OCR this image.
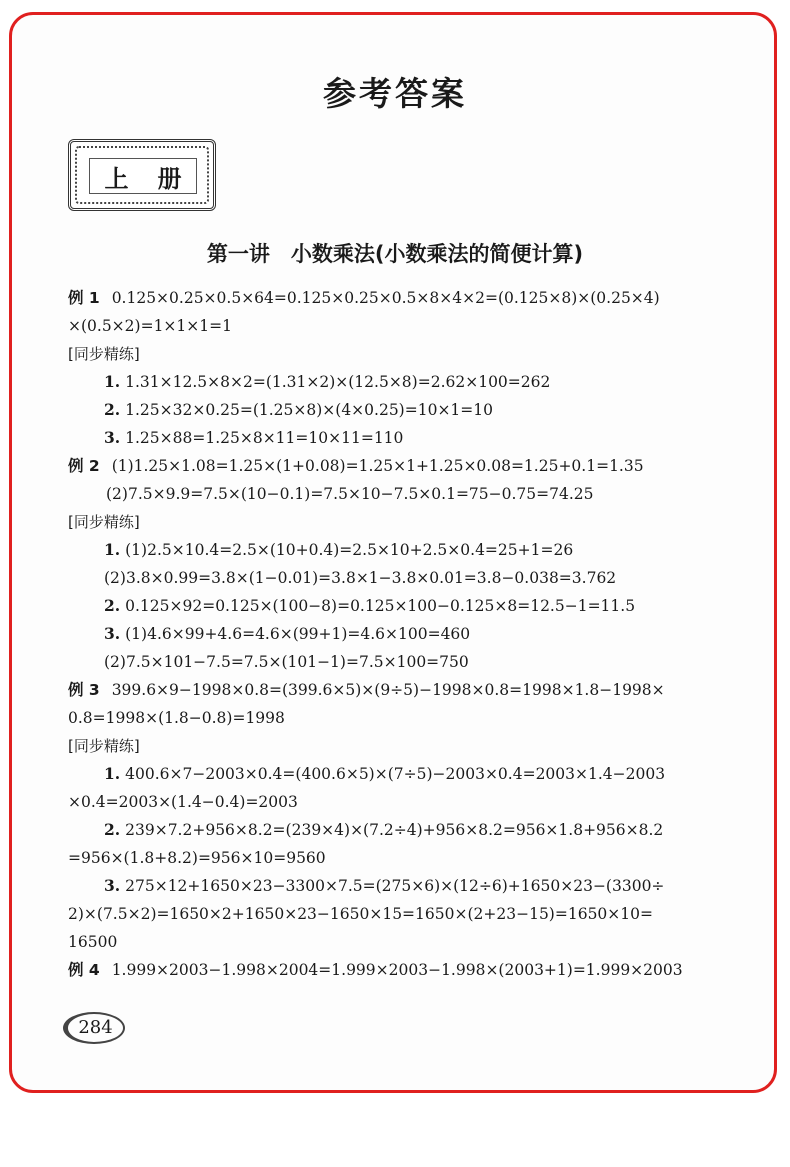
参考答案
上 册
第一讲　小数乘法(小数乘法的简便计算)
例 1 0.125×0.25×0.5×64=0.125×0.25×0.5×8×4×2=(0.125×8)×(0.25×4)
×(0.5×2)=1×1×1=1
[同步精练]
1. 1.31×12.5×8×2=(1.31×2)×(12.5×8)=2.62×100=262
2. 1.25×32×0.25=(1.25×8)×(4×0.25)=10×1=10
3. 1.25×88=1.25×8×11=10×11=110
例 2 (1)1.25×1.08=1.25×(1+0.08)=1.25×1+1.25×0.08=1.25+0.1=1.35
(2)7.5×9.9=7.5×(10−0.1)=7.5×10−7.5×0.1=75−0.75=74.25
[同步精练]
1. (1)2.5×10.4=2.5×(10+0.4)=2.5×10+2.5×0.4=25+1=26
(2)3.8×0.99=3.8×(1−0.01)=3.8×1−3.8×0.01=3.8−0.038=3.762
2. 0.125×92=0.125×(100−8)=0.125×100−0.125×8=12.5−1=11.5
3. (1)4.6×99+4.6=4.6×(99+1)=4.6×100=460
(2)7.5×101−7.5=7.5×(101−1)=7.5×100=750
例 3 399.6×9−1998×0.8=(399.6×5)×(9÷5)−1998×0.8=1998×1.8−1998×
0.8=1998×(1.8−0.8)=1998
[同步精练]
1. 400.6×7−2003×0.4=(400.6×5)×(7÷5)−2003×0.4=2003×1.4−2003
×0.4=2003×(1.4−0.4)=2003
2. 239×7.2+956×8.2=(239×4)×(7.2÷4)+956×8.2=956×1.8+956×8.2
=956×(1.8+8.2)=956×10=9560
3. 275×12+1650×23−3300×7.5=(275×6)×(12÷6)+1650×23−(3300÷
2)×(7.5×2)=1650×2+1650×23−1650×15=1650×(2+23−15)=1650×10=
16500
例 4 1.999×2003−1.998×2004=1.999×2003−1.998×(2003+1)=1.999×2003
284
